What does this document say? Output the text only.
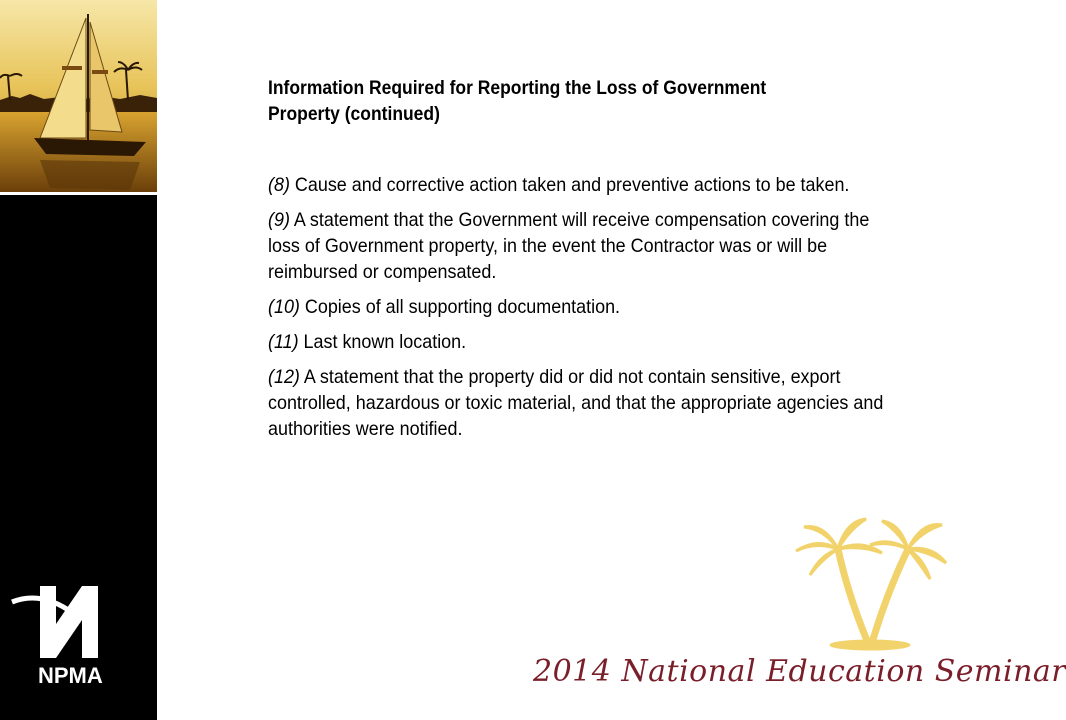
NPMA
Information Required for Reporting the Loss of Government
Property (continued)
(8) Cause and corrective action taken and preventive actions to be taken.
(9) A statement that the Government will receive compensation covering the loss of Government property, in the event the Contractor was or will be reimbursed or compensated.
(10) Copies of all supporting documentation.
(11) Last known location.
(12) A statement that the property did or did not contain sensitive, export controlled, hazardous or toxic material, and that the appropriate agencies and authorities were notified.
2014 National Education Seminar
